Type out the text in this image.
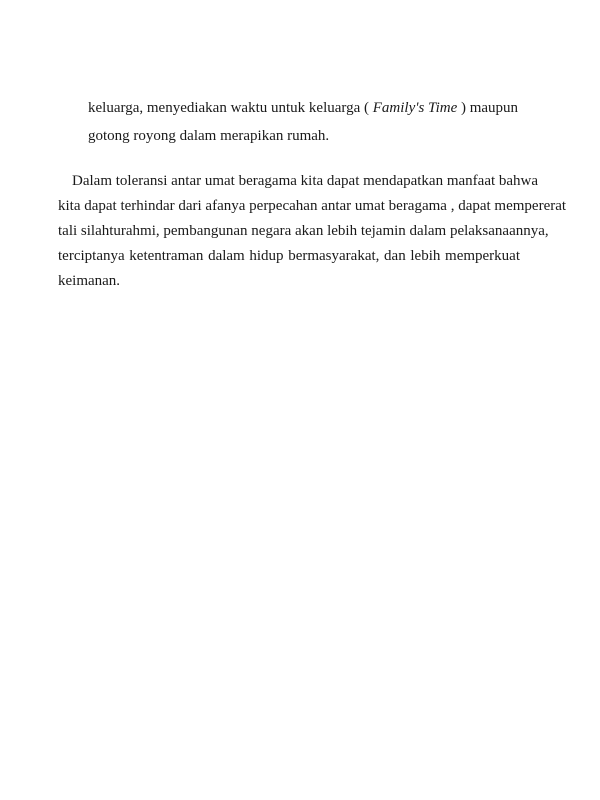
keluarga, menyediakan waktu untuk keluarga ( Family's Time ) maupun
gotong royong dalam merapikan rumah.
Dalam toleransi antar umat beragama kita dapat mendapatkan manfaat bahwa
kita dapat terhindar dari afanya perpecahan antar umat beragama , dapat mempererat
tali silahturahmi, pembangunan negara akan lebih tejamin dalam pelaksanaannya,
terciptanya ketentraman dalam hidup bermasyarakat, dan lebih memperkuat
keimanan.
